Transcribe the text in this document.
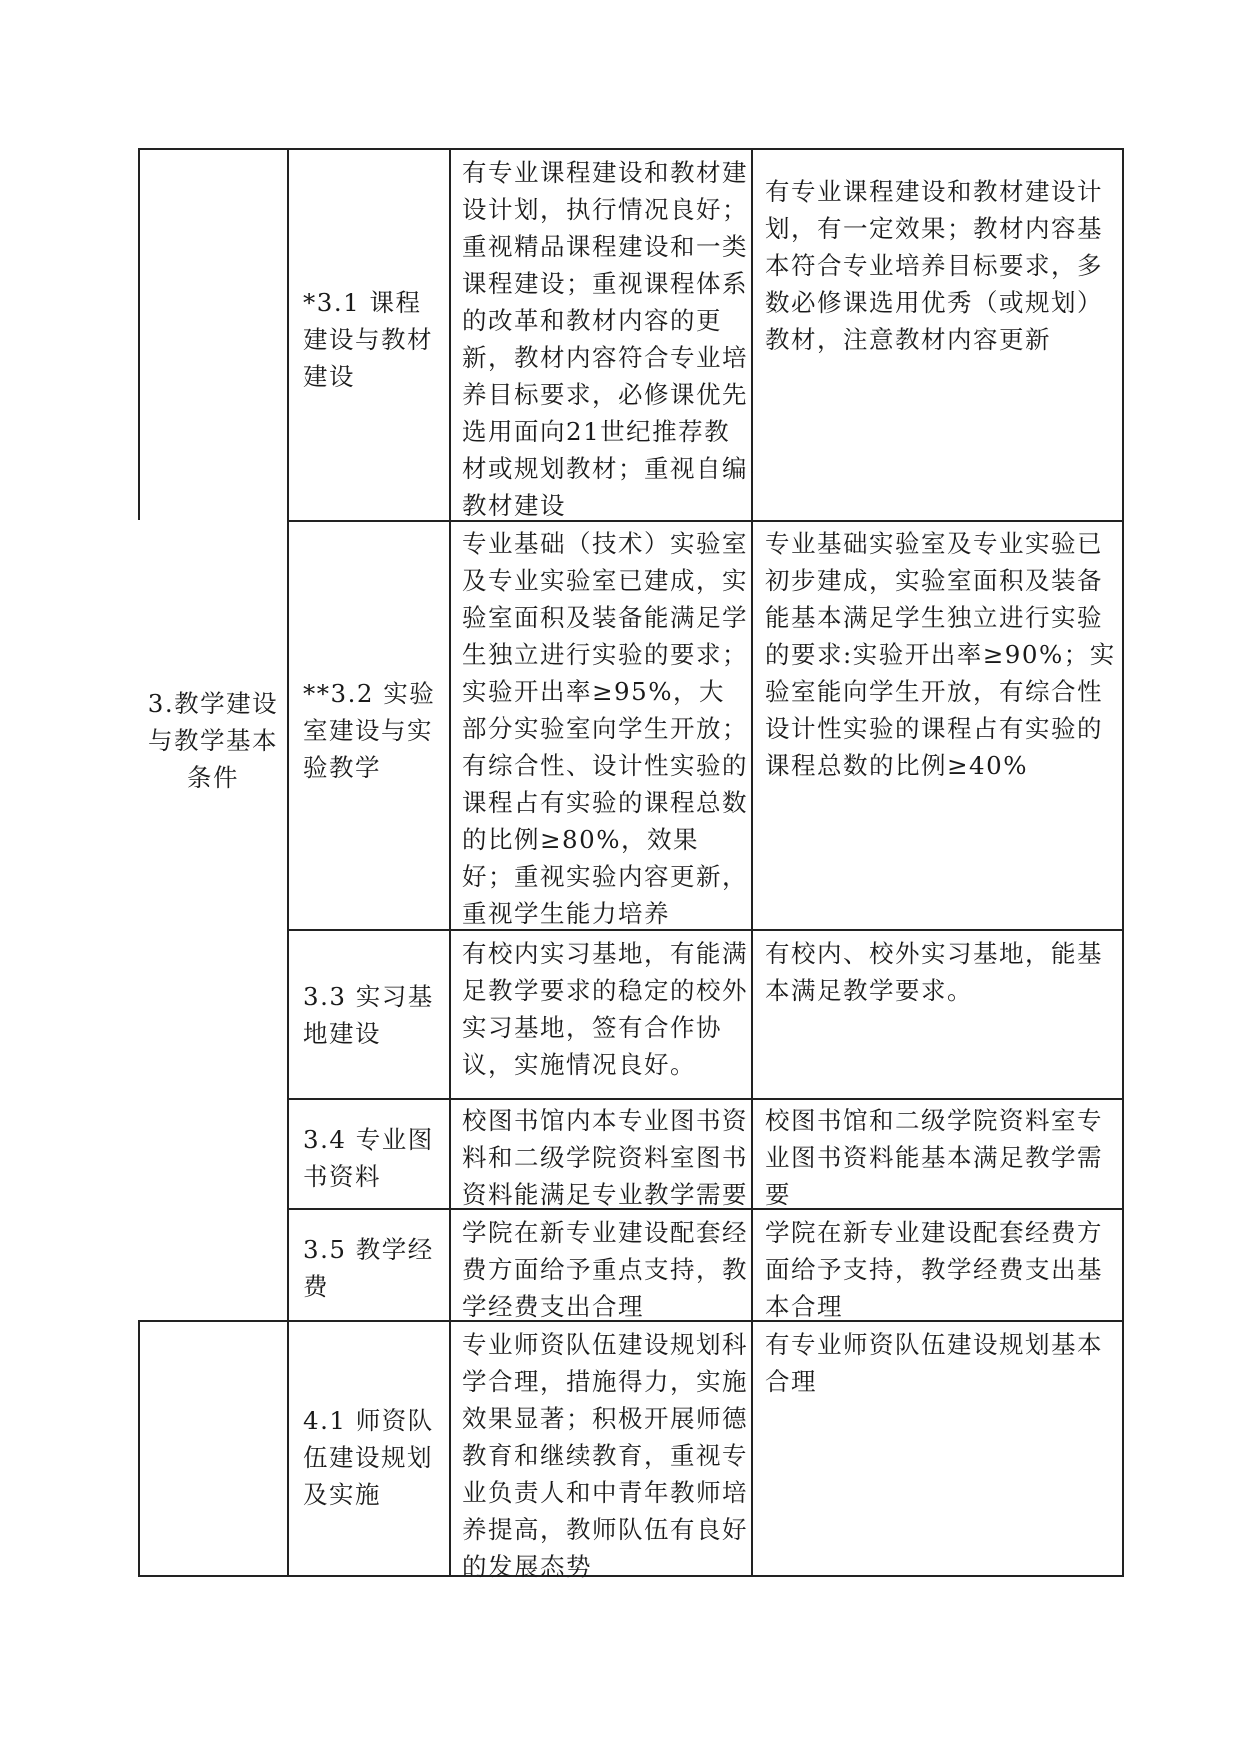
3.教学建设与教学基本条件
*3.1 课程建设与教材建设
有专业课程建设和教材建设计划，执行情况良好；重视精品课程建设和一类课程建设；重视课程体系的改革和教材内容的更新，教材内容符合专业培养目标要求，必修课优先选用面向21世纪推荐教材或规划教材；重视自编教材建设
有专业课程建设和教材建设计划，有一定效果；教材内容基本符合专业培养目标要求，多数必修课选用优秀（或规划）教材，注意教材内容更新
**3.2 实验室建设与实验教学
专业基础（技术）实验室及专业实验室已建成，实验室面积及装备能满足学生独立进行实验的要求；实验开出率≥95%，大部分实验室向学生开放；有综合性、设计性实验的课程占有实验的课程总数的比例≥80%，效果好；重视实验内容更新，重视学生能力培养
专业基础实验室及专业实验已初步建成，实验室面积及装备能基本满足学生独立进行实验的要求:实验开出率≥90%；实验室能向学生开放，有综合性设计性实验的课程占有实验的课程总数的比例≥40%
3.3 实习基地建设
有校内实习基地，有能满足教学要求的稳定的校外实习基地，签有合作协议，实施情况良好。
有校内、校外实习基地，能基本满足教学要求。
3.4 专业图书资料
校图书馆内本专业图书资料和二级学院资料室图书资料能满足专业教学需要
校图书馆和二级学院资料室专业图书资料能基本满足教学需要
3.5 教学经费
学院在新专业建设配套经费方面给予重点支持，教学经费支出合理
学院在新专业建设配套经费方面给予支持，教学经费支出基本合理
4.1 师资队伍建设规划及实施
专业师资队伍建设规划科学合理，措施得力，实施效果显著；积极开展师德教育和继续教育，重视专业负责人和中青年教师培养提高，教师队伍有良好的发展态势
有专业师资队伍建设规划基本合理
